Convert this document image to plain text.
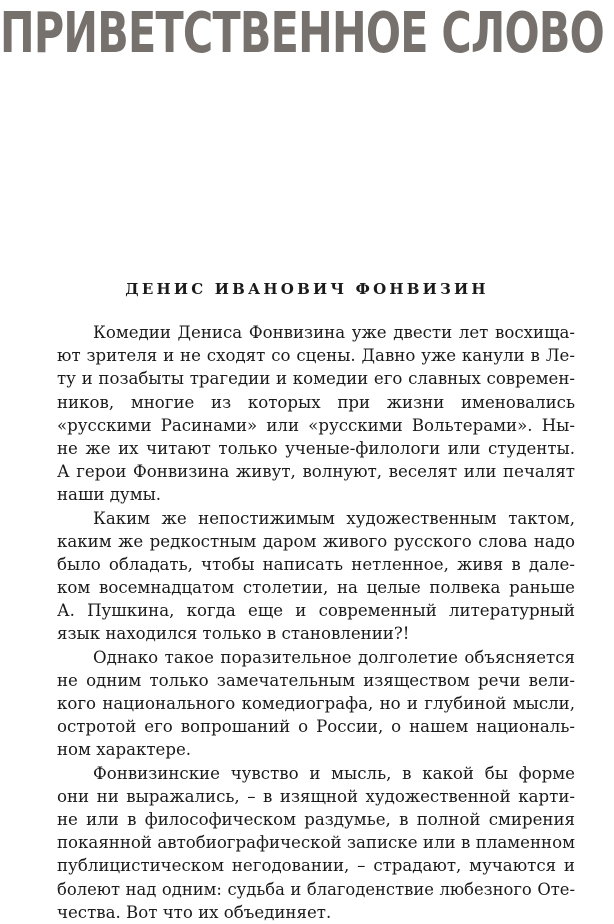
ПРИВЕТСТВЕННОЕ СЛОВО
ДЕНИС ИВАНОВИЧ ФОНВИЗИН
Комедии Дениса Фонвизина уже двести лет восхища-
ют зрителя и не сходят со сцены. Давно уже канули в Ле-
ту и позабыты трагедии и комедии его славных современ-
ников, многие из которых при жизни именовались
«русскими Расинами» или «русскими Вольтерами». Ны-
не же их читают только ученые-филологи или студенты.
А герои Фонвизина живут, волнуют, веселят или печалят
наши думы.
Каким же непостижимым художественным тактом,
каким же редкостным даром живого русского слова надо
было обладать, чтобы написать нетленное, живя в дале-
ком восемнадцатом столетии, на целые полвека раньше
А. Пушкина, когда еще и современный литературный
язык находился только в становлении?!
Однако такое поразительное долголетие объясняется
не одним только замечательным изяществом речи вели-
кого национального комедиографа, но и глубиной мысли,
остротой его вопрошаний о России, о нашем националь-
ном характере.
Фонвизинские чувство и мысль, в какой бы форме
они ни выражались, – в изящной художественной карти-
не или в философическом раздумье, в полной смирения
покаянной автобиографической записке или в пламенном
публицистическом негодовании, – страдают, мучаются и
болеют над одним: судьба и благоденствие любезного Оте-
чества. Вот что их объединяет.
